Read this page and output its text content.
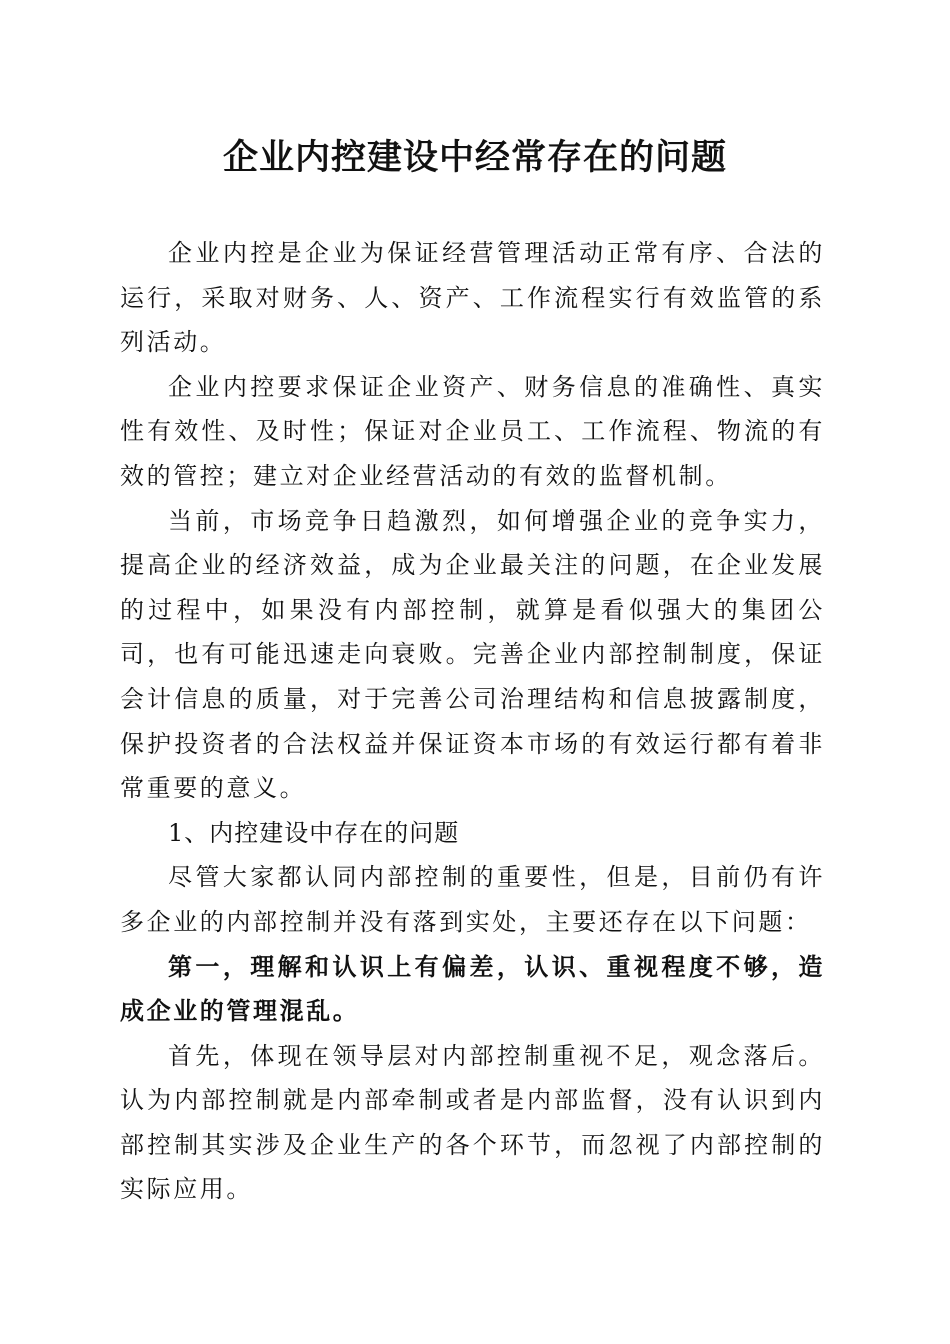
企业内控建设中经常存在的问题

企业内控是企业为保证经营管理活动正常有序、合法的运行，采取对财务、人、资产、工作流程实行有效监管的系列活动。

企业内控要求保证企业资产、财务信息的准确性、真实性有效性、及时性；保证对企业员工、工作流程、物流的有效的管控；建立对企业经营活动的有效的监督机制。

当前，市场竞争日趋激烈，如何增强企业的竞争实力，提高企业的经济效益，成为企业最关注的问题，在企业发展的过程中，如果没有内部控制，就算是看似强大的集团公司，也有可能迅速走向衰败。完善企业内部控制制度，保证会计信息的质量，对于完善公司治理结构和信息披露制度，保护投资者的合法权益并保证资本市场的有效运行都有着非常重要的意义。

1、内控建设中存在的问题

尽管大家都认同内部控制的重要性，但是，目前仍有许多企业的内部控制并没有落到实处，主要还存在以下问题：

第一，理解和认识上有偏差，认识、重视程度不够，造成企业的管理混乱。

首先，体现在领导层对内部控制重视不足，观念落后。认为内部控制就是内部牵制或者是内部监督，没有认识到内部控制其实涉及企业生产的各个环节，而忽视了内部控制的实际应用。
